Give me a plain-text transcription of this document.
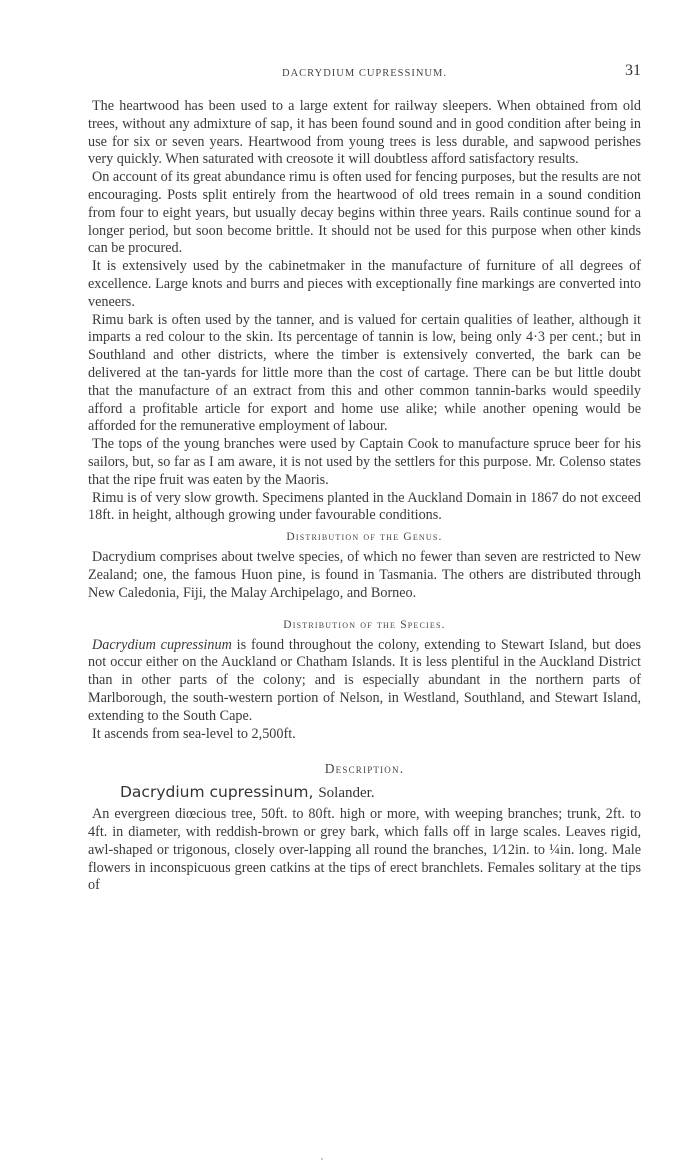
DACRYDIUM CUPRESSINUM.	31

The heartwood has been used to a large extent for railway sleepers. When obtained from old trees, without any admixture of sap, it has been found sound and in good condition after being in use for six or seven years. Heartwood from young trees is less durable, and sapwood perishes very quickly. When saturated with creosote it will doubtless afford satisfactory results.

On account of its great abundance rimu is often used for fencing purposes, but the results are not encouraging. Posts split entirely from the heartwood of old trees remain in a sound condition from four to eight years, but usually decay begins within three years. Rails continue sound for a longer period, but soon become brittle. It should not be used for this purpose when other kinds can be procured.

It is extensively used by the cabinetmaker in the manufacture of furniture of all degrees of excellence. Large knots and burrs and pieces with exceptionally fine markings are converted into veneers.

Rimu bark is often used by the tanner, and is valued for certain qualities of leather, although it imparts a red colour to the skin. Its percentage of tannin is low, being only 4·3 per cent.; but in Southland and other districts, where the timber is extensively converted, the bark can be delivered at the tan-yards for little more than the cost of cartage. There can be but little doubt that the manufacture of an extract from this and other common tannin-barks would speedily afford a profitable article for export and home use alike; while another opening would be afforded for the remunerative employment of labour.

The tops of the young branches were used by Captain Cook to manufacture spruce beer for his sailors, but, so far as I am aware, it is not used by the settlers for this purpose. Mr. Colenso states that the ripe fruit was eaten by the Maoris.

Rimu is of very slow growth. Specimens planted in the Auckland Domain in 1867 do not exceed 18ft. in height, although growing under favourable conditions.

Distribution of the Genus.

Dacrydium comprises about twelve species, of which no fewer than seven are restricted to New Zealand; one, the famous Huon pine, is found in Tasmania. The others are distributed through New Caledonia, Fiji, the Malay Archipelago, and Borneo.

Distribution of the Species.

Dacrydium cupressinum is found throughout the colony, extending to Stewart Island, but does not occur either on the Auckland or Chatham Islands. It is less plentiful in the Auckland District than in other parts of the colony; and is especially abundant in the northern parts of Marlborough, the south-western portion of Nelson, in Westland, Southland, and Stewart Island, extending to the South Cape.

It ascends from sea-level to 2,500ft.

Description.
Dacrydium cupressinum, Solander.

An evergreen diœcious tree, 50ft. to 80ft. high or more, with weeping branches; trunk, 2ft. to 4ft. in diameter, with reddish-brown or grey bark, which falls off in large scales. Leaves rigid, awl-shaped or trigonous, closely over-lapping all round the branches, 1⁄12in. to ¼in. long. Male flowers in inconspicuous green catkins at the tips of erect branchlets. Females solitary at the tips of
